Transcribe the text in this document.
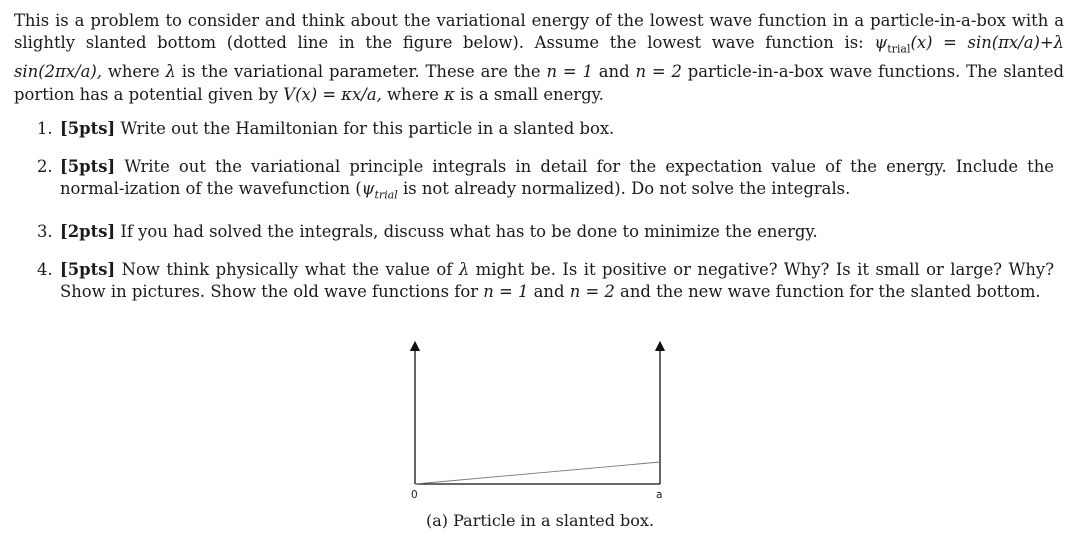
This is a problem to consider and think about the variational energy of the lowest wave function in a particle-in-a-box with a slightly slanted bottom (dotted line in the figure below). Assume the lowest wave function is: $\psi_{trial}(x) = \sin(\pi x/a)+\lambda$ sin(2πx/a), where λ is the variational parameter. These are the n = 1 and n = 2 particle-in-a-box wave functions. The slanted portion has a potential given by V(x) = κx/a, where κ is a small energy.

1. [5pts] Write out the Hamiltonian for this particle in a slanted box.
2. [5pts] Write out the variational principle integrals in detail for the expectation value of the energy. Include the normal-ization of the wavefunction ($\psi_{trial}$ is not already normalized). Do not solve the integrals.
3. [2pts] If you had solved the integrals, discuss what has to be done to minimize the energy.
4. [5pts] Now think physically what the value of λ might be. Is it positive or negative? Why? Is it small or large? Why? Show in pictures. Show the old wave functions for n = 1 and n = 2 and the new wave function for the slanted bottom.
0	a
(a) Particle in a slanted box.
